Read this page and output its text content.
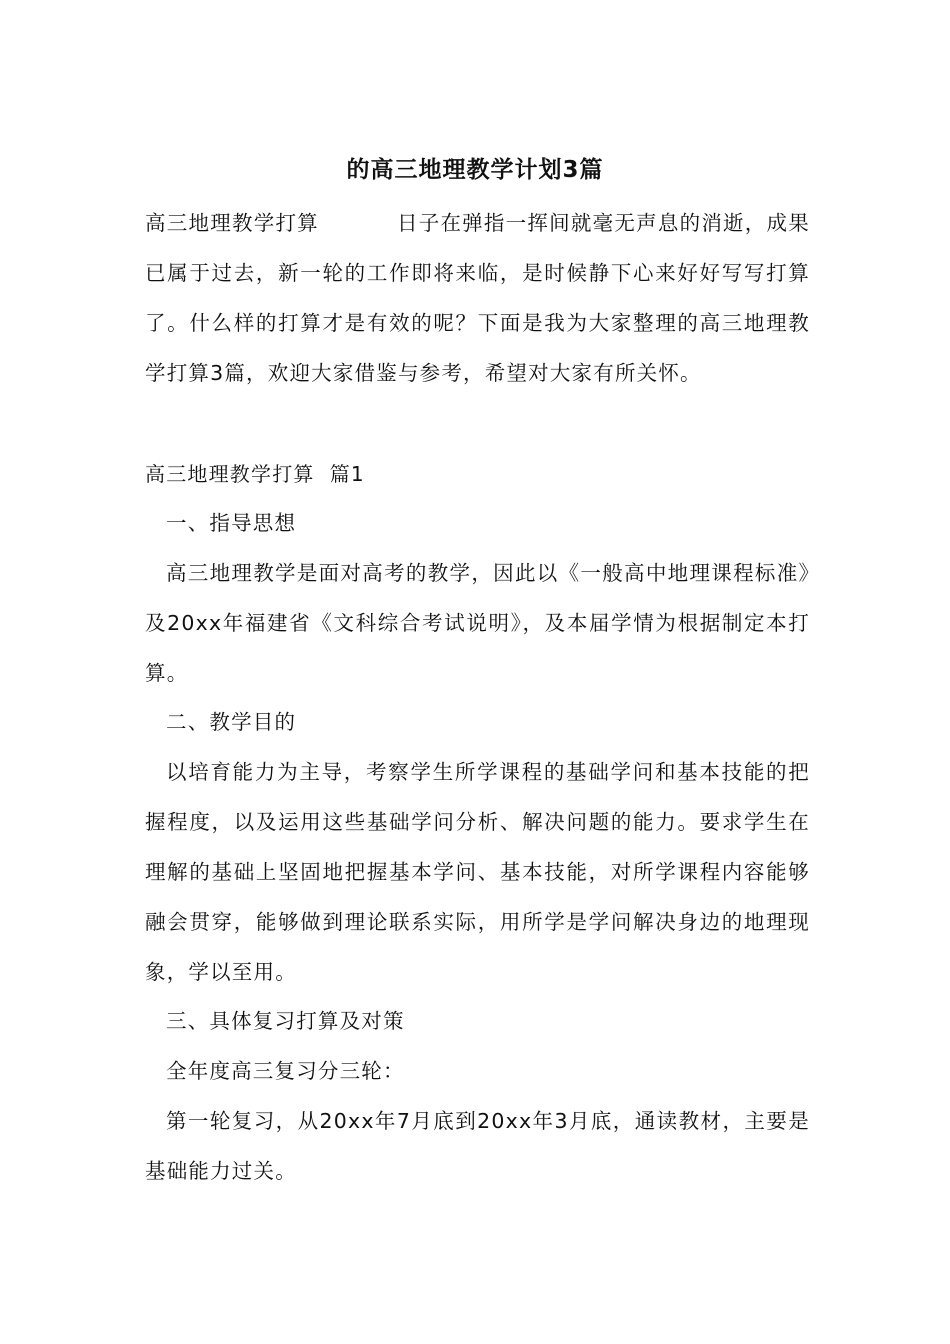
的高三地理教学计划3篇

高三地理教学打算	日子在弹指一挥间就毫无声息的消逝，成果已属于过去，新一轮的工作即将来临，是时候静下心来好好写写打算了。什么样的打算才是有效的呢？下面是我为大家整理的高三地理教学打算3篇，欢迎大家借鉴与参考，希望对大家有所关怀。

高三地理教学打算  篇1

一、指导思想

高三地理教学是面对高考的教学，因此以《一般高中地理课程标准》及20xx年福建省《文科综合考试说明》，及本届学情为根据制定本打算。

二、教学目的

以培育能力为主导，考察学生所学课程的基础学问和基本技能的把握程度，以及运用这些基础学问分析、解决问题的能力。要求学生在理解的基础上坚固地把握基本学问、基本技能，对所学课程内容能够融会贯穿，能够做到理论联系实际，用所学是学问解决身边的地理现象，学以至用。

三、具体复习打算及对策

全年度高三复习分三轮：

第一轮复习，从20xx年7月底到20xx年3月底，通读教材，主要是基础能力过关。
